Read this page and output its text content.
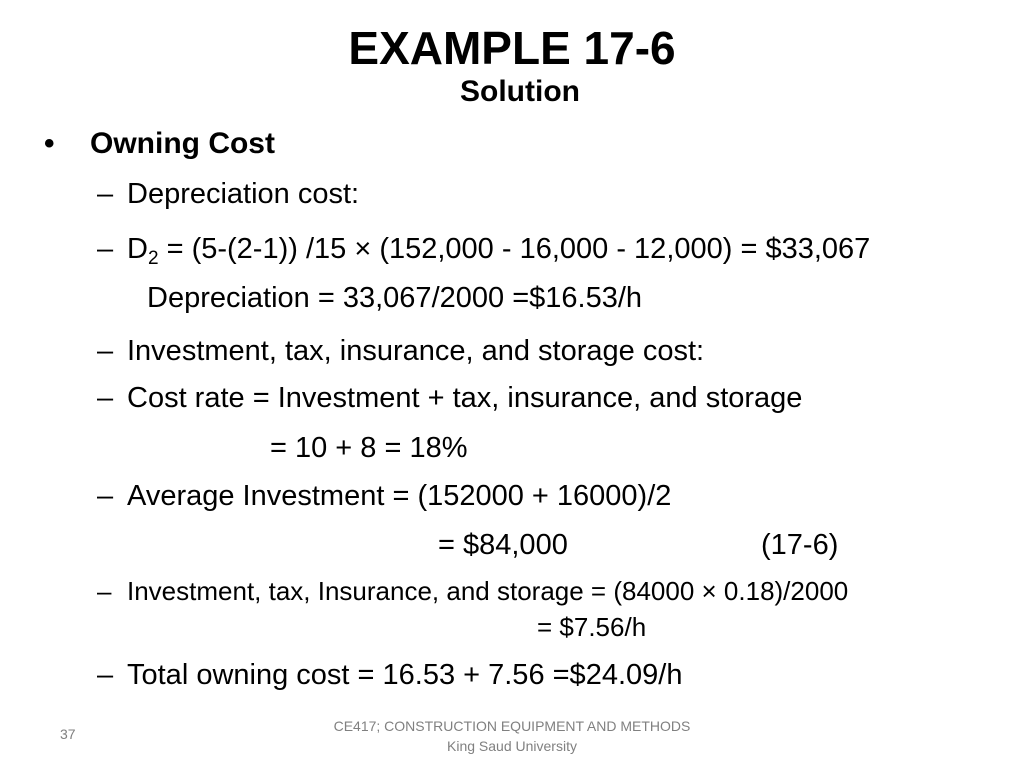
EXAMPLE 17-6
Solution
• Owning Cost
– Depreciation cost:
– $D_2 = (5-(2-1)) /15 \times (152,000 - 16,000 - 12,000)$ = $33,067
Depreciation = 33,067/2000 =$16.53/h
– Investment, tax, insurance, and storage cost:
– Cost rate = Investment + tax, insurance, and storage
= 10 + 8 = 18%
– Average Investment = (152000 + 16000)/2
= $84,000	(17-6)
– Investment, tax, Insurance, and storage = (84000 × 0.18)/2000
= $7.56/h
– Total owning cost = 16.53 + 7.56 =$24.09/h
37	CE417; CONSTRUCTION EQUIPMENT AND METHODS
King Saud University
